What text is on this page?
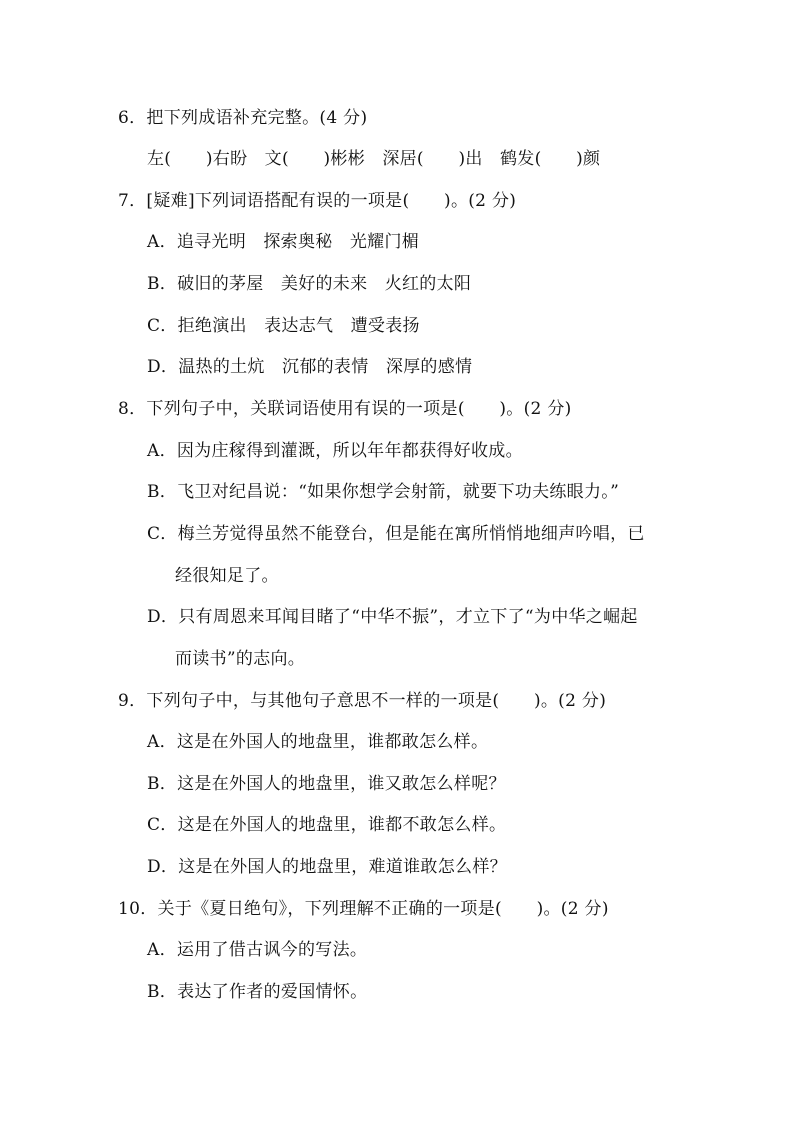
6．把下列成语补充完整。(4 分)
左(　　)右盼　文(　　)彬彬　深居(　　)出　鹤发(　　)颜
7．[疑难]下列词语搭配有误的一项是(　　)。(2 分)
A．追寻光明　探索奥秘　光耀门楣
B．破旧的茅屋　美好的未来　火红的太阳
C．拒绝演出　表达志气　遭受表扬
D．温热的土炕　沉郁的表情　深厚的感情
8．下列句子中，关联词语使用有误的一项是(　　)。(2 分)
A．因为庄稼得到灌溉，所以年年都获得好收成。
B．飞卫对纪昌说：“如果你想学会射箭，就要下功夫练眼力。”
C．梅兰芳觉得虽然不能登台，但是能在寓所悄悄地细声吟唱，已
经很知足了。
D．只有周恩来耳闻目睹了“中华不振”，才立下了“为中华之崛起
而读书”的志向。
9．下列句子中，与其他句子意思不一样的一项是(　　)。(2 分)
A．这是在外国人的地盘里，谁都敢怎么样。
B．这是在外国人的地盘里，谁又敢怎么样呢？
C．这是在外国人的地盘里，谁都不敢怎么样。
D．这是在外国人的地盘里，难道谁敢怎么样？
10．关于《夏日绝句》，下列理解不正确的一项是(　　)。(2 分)
A．运用了借古讽今的写法。
B．表达了作者的爱国情怀。
